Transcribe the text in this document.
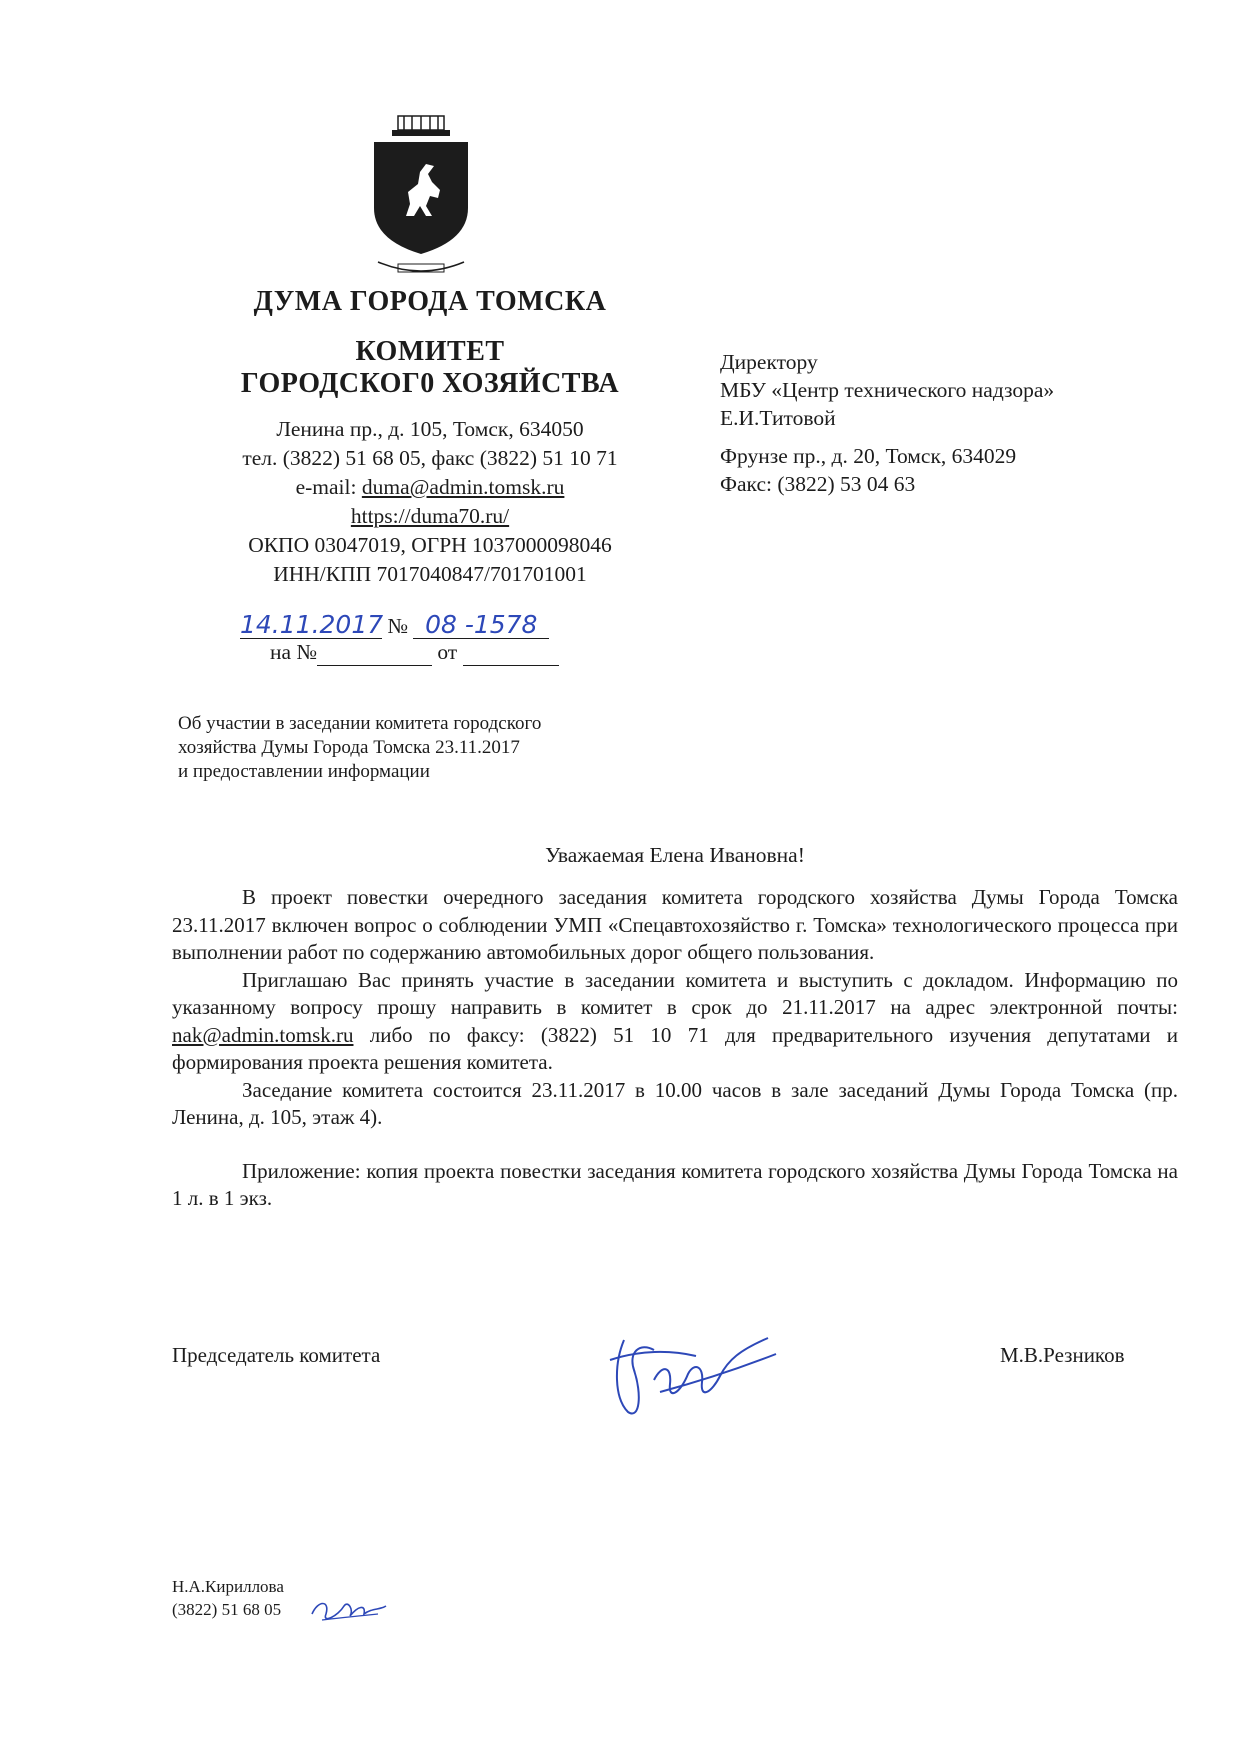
ДУМА ГОРОДА ТОМСКА
КОМИТЕТ
ГОРОДСКОГ0 ХОЗЯЙСТВА
Ленина пр., д. 105, Томск, 634050
тел. (3822) 51 68 05, факс (3822) 51 10 71
e-mail: duma@admin.tomsk.ru
https://duma70.ru/
ОКПО 03047019, ОГРН 1037000098046
ИНН/КПП 7017040847/701701001
Директору
МБУ «Центр технического надзора»
Е.И.Титовой
Фрунзе пр., д. 20, Томск, 634029
Факс: (3822) 53 04 63
14.11.2017 № 08 -1578
на №	от
Об участии в заседании комитета городского
хозяйства Думы Города Томска 23.11.2017
и предоставлении информации
Уважаемая Елена Ивановна!

В проект повестки очередного заседания комитета городского хозяйства Думы Города Томска 23.11.2017 включен вопрос о соблюдении УМП «Спецавтохозяйство г. Томска» технологического процесса при выполнении работ по содержанию автомобильных дорог общего пользования.

Приглашаю Вас принять участие в заседании комитета и выступить с докладом. Информацию по указанному вопросу прошу направить в комитет в срок до 21.11.2017 на адрес электронной почты: nak@admin.tomsk.ru либо по факсу: (3822) 51 10 71 для предварительного изучения депутатами и формирования проекта решения комитета.

Заседание комитета состоится 23.11.2017 в 10.00 часов в зале заседаний Думы Города Томска (пр. Ленина, д. 105, этаж 4).

Приложение: копия проекта повестки заседания комитета городского хозяйства Думы Города Томска на 1 л. в 1 экз.

Председатель комитета	М.В.Резников
Н.А.Кириллова
(3822) 51 68 05
